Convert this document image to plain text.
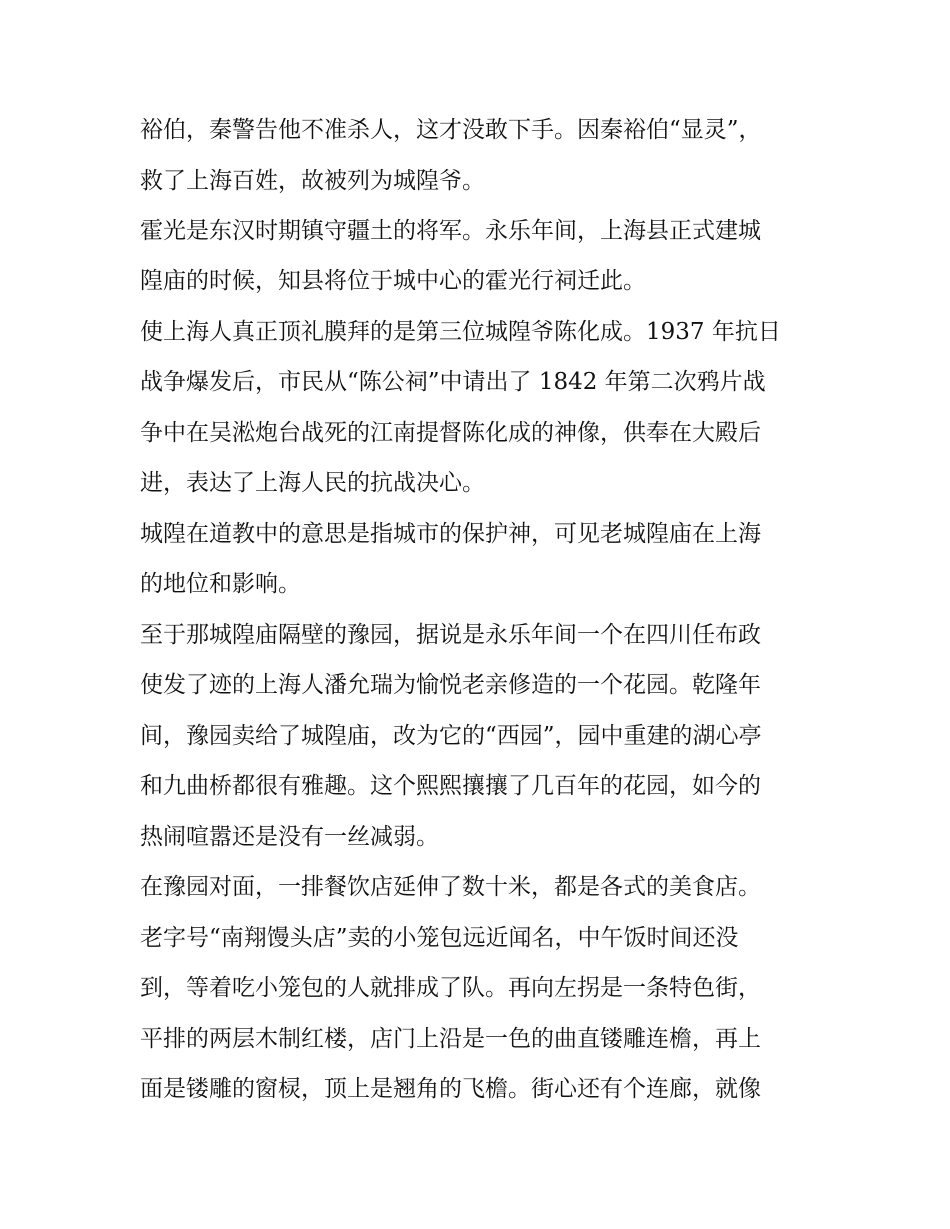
裕伯，秦警告他不准杀人，这才没敢下手。因秦裕伯“显灵”，
救了上海百姓，故被列为城隍爷。
霍光是东汉时期镇守疆土的将军。永乐年间，上海县正式建城
隍庙的时候，知县将位于城中心的霍光行祠迁此。
使上海人真正顶礼膜拜的是第三位城隍爷陈化成。1937 年抗日
战争爆发后，市民从“陈公祠”中请出了 1842 年第二次鸦片战
争中在吴淞炮台战死的江南提督陈化成的神像，供奉在大殿后
进，表达了上海人民的抗战决心。
城隍在道教中的意思是指城市的保护神，可见老城隍庙在上海
的地位和影响。
至于那城隍庙隔壁的豫园，据说是永乐年间一个在四川任布政
使发了迹的上海人潘允瑞为愉悦老亲修造的一个花园。乾隆年
间，豫园卖给了城隍庙，改为它的“西园”，园中重建的湖心亭
和九曲桥都很有雅趣。这个熙熙攘攘了几百年的花园，如今的
热闹喧嚣还是没有一丝减弱。
在豫园对面，一排餐饮店延伸了数十米，都是各式的美食店。
老字号“南翔馒头店”卖的小笼包远近闻名，中午饭时间还没
到，等着吃小笼包的人就排成了队。再向左拐是一条特色街，
平排的两层木制红楼，店门上沿是一色的曲直镂雕连檐，再上
面是镂雕的窗棂，顶上是翘角的飞檐。街心还有个连廊，就像
